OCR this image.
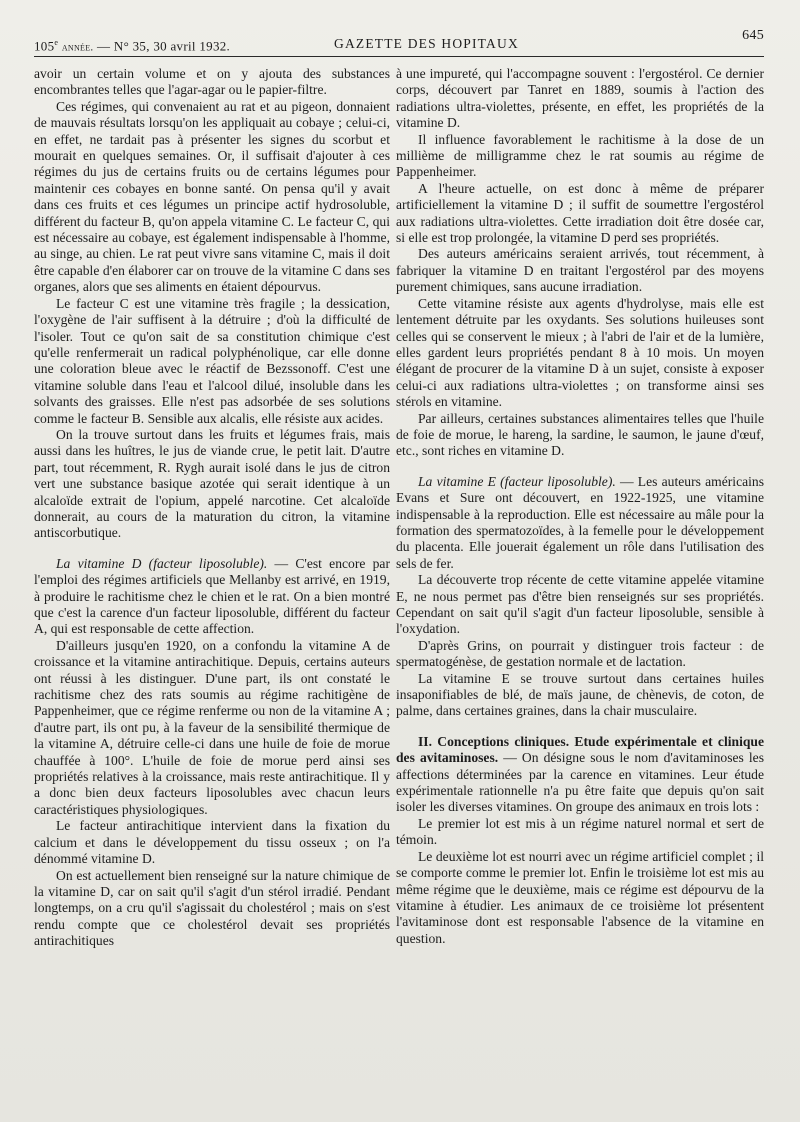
105e année. — N° 35, 30 avril 1932.	GAZETTE DES HOPITAUX
645

avoir un certain volume et on y ajouta des substances encombrantes telles que l'agar-agar ou le papier-filtre.

Ces régimes, qui convenaient au rat et au pigeon, donnaient de mauvais résultats lorsqu'on les appliquait au cobaye ; celui-ci, en effet, ne tardait pas à présenter les signes du scorbut et mourait en quelques semaines. Or, il suffisait d'ajouter à ces régimes du jus de certains fruits ou de certains légumes pour maintenir ces cobayes en bonne santé. On pensa qu'il y avait dans ces fruits et ces légumes un principe actif hydrosoluble, différent du facteur B, qu'on appela vitamine C. Le facteur C, qui est nécessaire au cobaye, est également indispensable à l'homme, au singe, au chien. Le rat peut vivre sans vitamine C, mais il doit être capable d'en élaborer car on trouve de la vitamine C dans ses organes, alors que ses aliments en étaient dépourvus.

Le facteur C est une vitamine très fragile ; la dessication, l'oxygène de l'air suffisent à la détruire ; d'où la difficulté de l'isoler. Tout ce qu'on sait de sa constitution chimique c'est qu'elle renfermerait un radical polyphénolique, car elle donne une coloration bleue avec le réactif de Bezssonoff. C'est une vitamine soluble dans l'eau et l'alcool dilué, insoluble dans les solvants des graisses. Elle n'est pas adsorbée de ses solutions comme le facteur B. Sensible aux alcalis, elle résiste aux acides.

On la trouve surtout dans les fruits et légumes frais, mais aussi dans les huîtres, le jus de viande crue, le petit lait. D'autre part, tout récemment, R. Rygh aurait isolé dans le jus de citron vert une substance basique azotée qui serait identique à un alcaloïde extrait de l'opium, appelé narcotine. Cet alcaloïde donnerait, au cours de la maturation du citron, la vitamine antiscorbutique.

La vitamine D (facteur liposoluble). — C'est encore par l'emploi des régimes artificiels que Mellanby est arrivé, en 1919, à produire le rachitisme chez le chien et le rat. On a bien montré que c'est la carence d'un facteur liposoluble, différent du facteur A, qui est responsable de cette affection.

D'ailleurs jusqu'en 1920, on a confondu la vitamine A de croissance et la vitamine antirachitique. Depuis, certains auteurs ont réussi à les distinguer. D'une part, ils ont constaté le rachitisme chez des rats soumis au régime rachitigène de Pappenheimer, que ce régime renferme ou non de la vitamine A ; d'autre part, ils ont pu, à la faveur de la sensibilité thermique de la vitamine A, détruire celle-ci dans une huile de foie de morue chauffée à 100°. L'huile de foie de morue perd ainsi ses propriétés relatives à la croissance, mais reste antirachitique. Il y a donc bien deux facteurs liposolubles avec chacun leurs caractéristiques physiologiques.

Le facteur antirachitique intervient dans la fixation du calcium et dans le développement du tissu osseux ; on l'a dénommé vitamine D.

On est actuellement bien renseigné sur la nature chimique de la vitamine D, car on sait qu'il s'agit d'un stérol irradié. Pendant longtemps, on a cru qu'il s'agissait du cholestérol ; mais on s'est rendu compte que ce cholestérol devait ses propriétés antirachitiques

à une impureté, qui l'accompagne souvent : l'ergostérol. Ce dernier corps, découvert par Tanret en 1889, soumis à l'action des radiations ultra-violettes, présente, en effet, les propriétés de la vitamine D.

Il influence favorablement le rachitisme à la dose de un millième de milligramme chez le rat soumis au régime de Pappenheimer.

A l'heure actuelle, on est donc à même de préparer artificiellement la vitamine D ; il suffit de soumettre l'ergostérol aux radiations ultra-violettes. Cette irradiation doit être dosée car, si elle est trop prolongée, la vitamine D perd ses propriétés.

Des auteurs américains seraient arrivés, tout récemment, à fabriquer la vitamine D en traitant l'ergostérol par des moyens purement chimiques, sans aucune irradiation.

Cette vitamine résiste aux agents d'hydrolyse, mais elle est lentement détruite par les oxydants. Ses solutions huileuses sont celles qui se conservent le mieux ; à l'abri de l'air et de la lumière, elles gardent leurs propriétés pendant 8 à 10 mois. Un moyen élégant de procurer de la vitamine D à un sujet, consiste à exposer celui-ci aux radiations ultra-violettes ; on transforme ainsi ses stérols en vitamine.

Par ailleurs, certaines substances alimentaires telles que l'huile de foie de morue, le hareng, la sardine, le saumon, le jaune d'œuf, etc., sont riches en vitamine D.

La vitamine E (facteur liposoluble). — Les auteurs américains Evans et Sure ont découvert, en 1922-1925, une vitamine indispensable à la reproduction. Elle est nécessaire au mâle pour la formation des spermatozoïdes, à la femelle pour le développement du placenta. Elle jouerait également un rôle dans l'utilisation des sels de fer.

La découverte trop récente de cette vitamine appelée vitamine E, ne nous permet pas d'être bien renseignés sur ses propriétés. Cependant on sait qu'il s'agit d'un facteur liposoluble, sensible à l'oxydation.

D'après Grins, on pourrait y distinguer trois facteur : de spermatogénèse, de gestation normale et de lactation.

La vitamine E se trouve surtout dans certaines huiles insaponifiables de blé, de maïs jaune, de chènevis, de coton, de palme, dans certaines graines, dans la chair musculaire.

II. Conceptions cliniques. Etude expérimentale et clinique des avitaminoses. — On désigne sous le nom d'avitaminoses les affections déterminées par la carence en vitamines. Leur étude expérimentale rationnelle n'a pu être faite que depuis qu'on sait isoler les diverses vitamines. On groupe des animaux en trois lots :

Le premier lot est mis à un régime naturel normal et sert de témoin.

Le deuxième lot est nourri avec un régime artificiel complet ; il se comporte comme le premier lot. Enfin le troisième lot est mis au même régime que le deuxième, mais ce régime est dépourvu de la vitamine à étudier. Les animaux de ce troisième lot présentent l'avitaminose dont est responsable l'absence de la vitamine en question.
